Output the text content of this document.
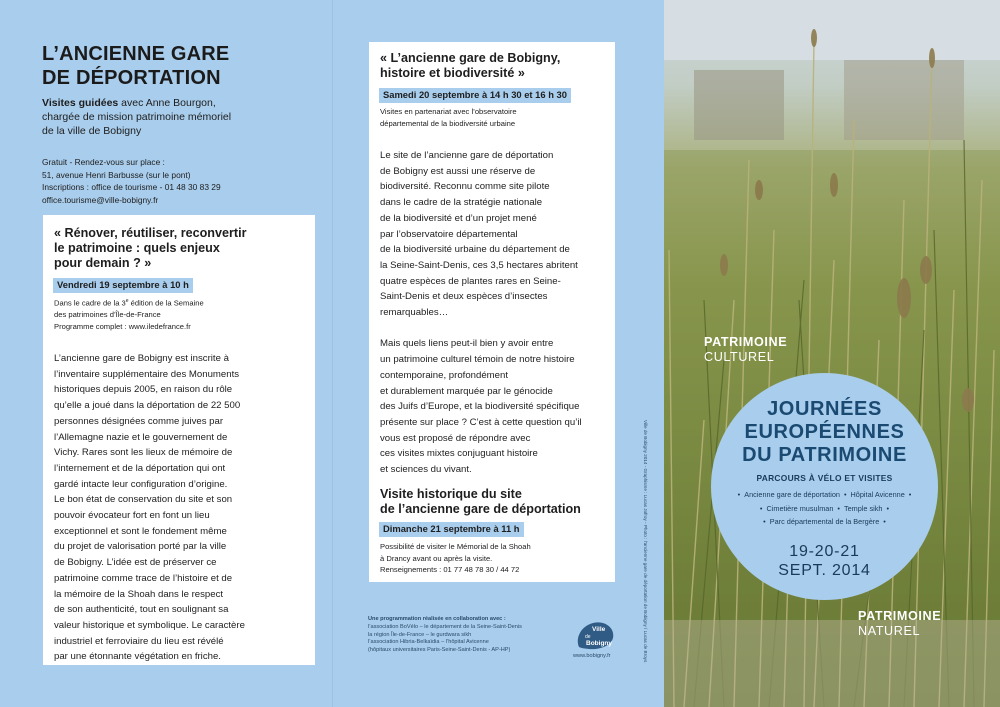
L’ANCIENNE GARE
DE DÉPORTATION
Visites guidées avec Anne Bourgon,
chargée de mission patrimoine mémoriel
de la ville de Bobigny
Gratuit - Rendez-vous sur place :
51, avenue Henri Barbusse (sur le pont)
Inscriptions : office de tourisme - 01 48 30 83 29
office.tourisme@ville-bobigny.fr
« Rénover, réutiliser, reconvertir
le patrimoine : quels enjeux
pour demain ? »
Vendredi 19 septembre à 10 h
Dans le cadre de la 3e édition de la Semaine
des patrimoines d’Île-de-France
Programme complet : www.iledefrance.fr
L’ancienne gare de Bobigny est inscrite à
l’inventaire supplémentaire des Monuments
historiques depuis 2005, en raison du rôle
qu’elle a joué dans la déportation de 22 500
personnes désignées comme juives par
l’Allemagne nazie et le gouvernement de
Vichy. Rares sont les lieux de mémoire de
l’internement et de la déportation qui ont
gardé intacte leur configuration d’origine.
Le bon état de conservation du site et son
pouvoir évocateur fort en font un lieu
exceptionnel et sont le fondement même
du projet de valorisation porté par la ville
de Bobigny. L’idée est de préserver ce
patrimoine comme trace de l’histoire et de
la mémoire de la Shoah dans le respect
de son authenticité, tout en soulignant sa
valeur historique et symbolique. Le caractère
industriel et ferroviaire du lieu est révélé
par une étonnante végétation en friche.
« L’ancienne gare de Bobigny,
histoire et biodiversité »
Samedi 20 septembre à 14 h 30 et 16 h 30
Visites en partenariat avec l’observatoire
départemental de la biodiversité urbaine
Le site de l’ancienne gare de déportation
de Bobigny est aussi une réserve de
biodiversité. Reconnu comme site pilote
dans le cadre de la stratégie nationale
de la biodiversité et d’un projet mené
par l’observatoire départemental
de la biodiversité urbaine du département de
la Seine-Saint-Denis, ces 3,5 hectares abritent
quatre espèces de plantes rares en Seine-
Saint-Denis et deux espèces d’insectes
remarquables…
Mais quels liens peut-il bien y avoir entre
un patrimoine culturel témoin de notre histoire
contemporaine, profondément
et durablement marquée par le génocide
des Juifs d’Europe, et la biodiversité spécifique
présente sur place ? C’est à cette question qu’il
vous est proposé de répondre avec
ces visites mixtes conjuguant histoire
et sciences du vivant.
Visite historique du site
de l’ancienne gare de déportation
Dimanche 21 septembre à 11 h
Possibilité de visiter le Mémorial de la Shoah
à Drancy avant ou après la visite.
Renseignements : 01 77 48 78 30 / 44 72
Une programmation réalisée en collaboration avec :
l’association BoVélo – le département de la Seine-Saint-Denis
la région Île-de-France – le gurdwara sikh
l’association Hibria-Belkaïdia – l’hôpital Avicenne
(hôpitaux universitaires Paris-Seine-Saint-Denis - AP-HP)
Ville
de
Bobigny
www.bobigny.fr	Ville de Bobigny 2014 - Graphisme : Lucas Jofroy - Photo : l’ancienne gare de déportation de Bobigny / Lucas de Broys
PATRIMOINE
CULTUREL
JOURNÉES
EUROPÉENNES
DU PATRIMOINE
PARCOURS À VÉLO ET VISITES
• Ancienne gare de déportation • Hôpital Avicenne •
• Cimetière musulman • Temple sikh •
• Parc départemental de la Bergère •
19-20-21
SEPT. 2014
PATRIMOINE
NATUREL
